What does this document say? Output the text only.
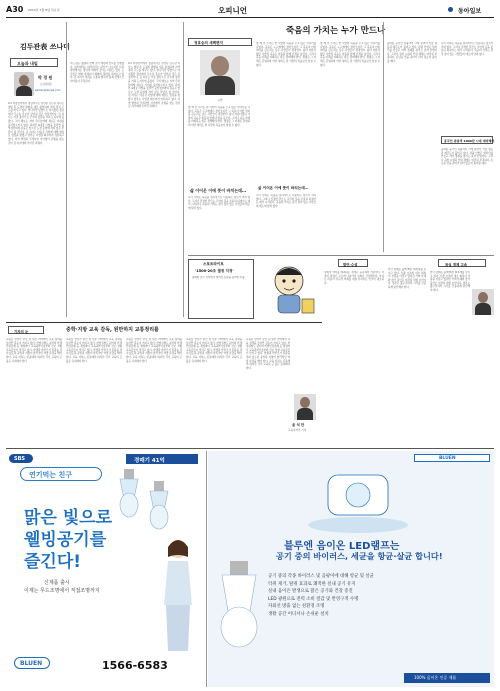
A30 2010년 7월 8일 목요일	오피니언	동아일보
김두관表 쓰나미
오늘과 내일
박 경 원
논설위원
parker@donga.com
6·2 지방선거에서 경남지사로 당선된 김두관 지사는 취임 후 도정의 방향을 새로 설정하며 지역 정치 구도를 바꾸고 있다. 한나라당 텃밭으로 여겨졌던 경남에서 무소속 후보가 당선된 것은 상징적이다. 김 지사는 이장 출신으로 군수와 장관을 거쳐 도지사에 올랐다. 그의 행보는 지역 주민들에게 새로운 기대를 불러일으키고 있다. 하지만 4대강 사업을 둘러싼 중앙정부와의 갈등은 앞으로 도정 운영에 적지 않은 부담이 될 것이다. 김 지사는 낙동강 사업에 대해 재검토 입장을 밝혔고 정부는 사업권 회수까지 거론하고 있다. 지역 발전과 국책사업 사이에서 균형을 찾는 것이 김 지사에게 주어진 과제다.
새 도정은 출범과 함께 조직 개편과 인사를 단행했다. 일부에서는 파격이라는 평가가 나오지만 다른 한편에서는 정치적 색채가 짙다는 비판도 있다. 도민들은 변화 자체보다 변화의 결과를 지켜보고 있다. 김 지사가 말하는 소통과 협치가 실제 정책으로 이어질지 주목된다.
6·2 지방선거에서 경남지사로 당선된 김두관 지사는 취임 후 도정의 방향을 새로 설정하며 지역 정치 구도를 바꾸고 있다. 한나라당 텃밭으로 여겨졌던 경남에서 무소속 후보가 당선된 것은 상징적이다. 김 지사는 이장 출신으로 군수와 장관을 거쳐 도지사에 올랐다. 그의 행보는 지역 주민들에게 새로운 기대를 불러일으키고 있다. 하지만 4대강 사업을 둘러싼 중앙정부와의 갈등은 앞으로 도정 운영에 적지 않은 부담이 될 것이다. 김 지사는 낙동강 사업에 대해 재검토 입장을 밝혔고 정부는 사업권 회수까지 거론하고 있다. 지역 발전과 국책사업 사이에서 균형을 찾는 것이 김 지사에게 주어진 과제다.
정호승의 새벽편지
시인
몇 해 전 우리는 한 사람의 죽음을 두고 많은 이야기를 나눴다. 죽음은 누구에게나 찾아오지만 그 죽음이 어떤 의미를 갖는지는 남은 사람들이 결정한다. 삶이 아름다웠던 사람의 죽음은 슬픔과 함께 존경을 남긴다. 그러나 죽음 자체를 미화하는 일은 경계해야 한다. 생명은 그 자체로 존엄하며 어떤 대의도 한 사람의 목숨보다 앞설 수 없다.
삶 이어온 이에 뜻이 바치는데…
우리 사회는 죽음을 정치적으로 이용하는 경우가 적지 않다. 그러나 진정한 추모는 고인의 뜻을 조용히 되새기는 데서 시작된다. 죽음의 가치는 결국 살아 있는 사람들의 태도에 달려 있다.
죽음의 가치는 누가 만드나
몇 해 전 우리는 한 사람의 죽음을 두고 많은 이야기를 나눴다. 죽음은 누구에게나 찾아오지만 그 죽음이 어떤 의미를 갖는지는 남은 사람들이 결정한다. 삶이 아름다웠던 사람의 죽음은 슬픔과 함께 존경을 남긴다. 그러나 죽음 자체를 미화하는 일은 경계해야 한다. 생명은 그 자체로 존엄하며 어떤 대의도 한 사람의 목숨보다 앞설 수 없다.
삶 이어온 이에 뜻이 바치는데…
우리 사회는 죽음을 정치적으로 이용하는 경우가 적지 않다. 그러나 진정한 추모는 고인의 뜻을 조용히 되새기는 데서 시작된다. 죽음의 가치는 결국 살아 있는 사람들의 태도에 달려 있다.
몇 해 전 우리는 한 사람의 죽음을 두고 많은 이야기를 나눴다. 죽음은 누구에게나 찾아오지만 그 죽음이 어떤 의미를 갖는지는 남은 사람들이 결정한다. 삶이 아름다웠던 사람의 죽음은 슬픔과 함께 존경을 남긴다. 그러나 죽음 자체를 미화하는 일은 경계해야 한다. 생명은 그 자체로 존엄하며 어떤 대의도 한 사람의 목숨보다 앞설 수 없다.
올여름 중국인 관광객이 크게 늘면서 서울 명동과 제주도가 붐비고 있다. 관광 산업은 일자리를 만들고 지역 경제를 살리는 효자 산업이다. 그러나 숙박 시설과 안내 체계는 여전히 부족하다. 손님을 맞을 준비가 되어 있는지 돌아볼 때다.
우리 사회는 죽음을 정치적으로 이용하는 경우가 적지 않다. 그러나 진정한 추모는 고인의 뜻을 조용히 되새기는 데서 시작된다. 죽음의 가치는 결국 살아 있는 사람들의 태도에 달려 있다.
중국인 관광객 1000만 시대 대비해야
올여름 중국인 관광객이 크게 늘면서 서울 명동과 제주도가 붐비고 있다. 관광 산업은 일자리를 만들고 지역 경제를 살리는 효자 산업이다. 그러나 숙박 시설과 안내 체계는 여전히 부족하다. 손님을 맞을 준비가 되어 있는지 돌아볼 때다.
스포트라이트
'1500-20조 결정 지정'
통화와 만두 사이에서 벌어진 논란을 풍자한 만평
발언·수설
사회적 약자를 배려하는 정책은 공동체의 기본이다. 성장의 과실이 고르게 나뉘어야 사회가 건강해진다. 복지는 비용이 아니라 미래를 위한 투자라는 인식이 필요하다.
한국 경제는 올해 빠른 회복세를 보이고 있다. 수출 호조와 내수 회복이 성장을 이끌고 있지만 가계 부채와 물가 불안은 여전히 위험 요인이다. 정부는 출구전략의 시기를 신중하게 판단해야 한다.
착실 경제 고속
한국 경제는 올해 빠른 회복세를 보이고 있다. 수출 호조와 내수 회복이 성장을 이끌고 있지만 가계 부채와 물가 불안은 여전히 위험 요인이다. 정부는 출구전략의 시기를 신중하게 판단해야 한다.
기자의 눈	중학·지방 교육 감독, 원만하지 교통정리를
교육감 선거가 끝난 뒤 일부 지역에서 교육 정책을 둘러싼 갈등이 커지고 있다. 학업성취도 평가와 학생인권조례 등 쟁점마다 교육과학기술부와 진보 성향 교육감들이 맞서고 있다. 학생과 학부모가 혼란을 겪지 않도록 중앙과 지방이 합리적인 역할 분담을 해야 한다. 교육 자치는 존중돼야 하지만 국가 교육의 큰 틀은 유지돼야 한다.
교육감 선거가 끝난 뒤 일부 지역에서 교육 정책을 둘러싼 갈등이 커지고 있다. 학업성취도 평가와 학생인권조례 등 쟁점마다 교육과학기술부와 진보 성향 교육감들이 맞서고 있다. 학생과 학부모가 혼란을 겪지 않도록 중앙과 지방이 합리적인 역할 분담을 해야 한다. 교육 자치는 존중돼야 하지만 국가 교육의 큰 틀은 유지돼야 한다.
교육감 선거가 끝난 뒤 일부 지역에서 교육 정책을 둘러싼 갈등이 커지고 있다. 학업성취도 평가와 학생인권조례 등 쟁점마다 교육과학기술부와 진보 성향 교육감들이 맞서고 있다. 학생과 학부모가 혼란을 겪지 않도록 중앙과 지방이 합리적인 역할 분담을 해야 한다. 교육 자치는 존중돼야 하지만 국가 교육의 큰 틀은 유지돼야 한다.
교육감 선거가 끝난 뒤 일부 지역에서 교육 정책을 둘러싼 갈등이 커지고 있다. 학업성취도 평가와 학생인권조례 등 쟁점마다 교육과학기술부와 진보 성향 교육감들이 맞서고 있다. 학생과 학부모가 혼란을 겪지 않도록 중앙과 지방이 합리적인 역할 분담을 해야 한다. 교육 자치는 존중돼야 하지만 국가 교육의 큰 틀은 유지돼야 한다.
교육감 선거가 끝난 뒤 일부 지역에서 교육 정책을 둘러싼 갈등이 커지고 있다. 학업성취도 평가와 학생인권조례 등 쟁점마다 교육과학기술부와 진보 성향 교육감들이 맞서고 있다. 학생과 학부모가 혼란을 겪지 않도록 중앙과 지방이 합리적인 역할 분담을 해야 한다. 교육 자치는 존중돼야 하지만 국가 교육의 큰 틀은 유지돼야 한다.
윤 석 만
교육복지부 기자
SBS	경매기 41억
연기먹는 친구
맑은 빛으로
웰빙공기를
즐긴다!
신제품 출시
이제는 무드조명에서 직접조명까지
BLUEN	1566-6583
BLUEN
블루엔 음이온 LED램프는
공기 중의 바이러스, 세균을 항균·살균 합니다!
공기 중의 각종 바이러스 및 곰팡이에 대해 항균 및 살균
악취 제거, 탈취 효과로 쾌적한 실내 공기 유지
실내 음이온 발생으로 맑은 공기와 건강 증진
LED 광원으로 전력 소비 절감 및 반영구적 수명
자외선 방출 없는 친환경 조명
생활 공간 어디서나 손쉬운 설치
100% 음이온 인증 제품
